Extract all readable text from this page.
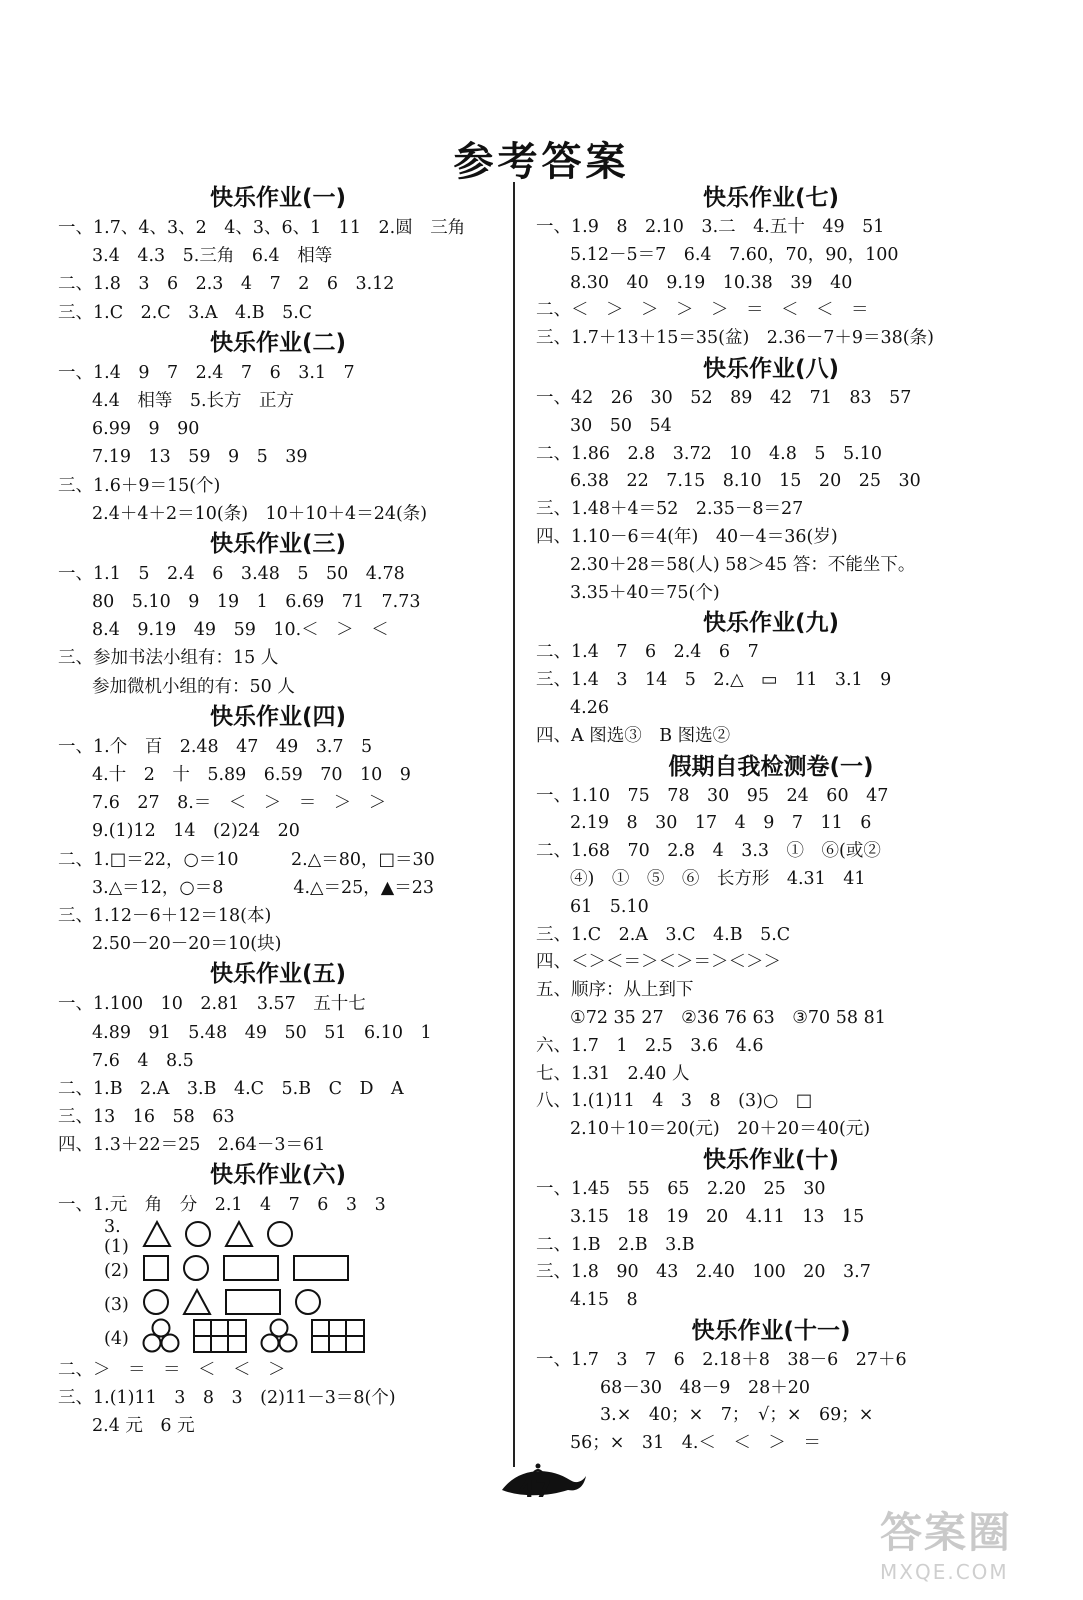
参考答案
快乐作业(一)
一、1.7、4、3、2　4、3、6、1　11　2.圆　三角
3.4　4.3　5.三角　6.4　相等
二、1.8　3　6　2.3　4　7　2　6　3.12
三、1.C　2.C　3.A　4.B　5.C
快乐作业(二)
一、1.4　9　7　2.4　7　6　3.1　7
4.4　相等　5.长方　正方
6.99　9　90
7.19　13　59　9　5　39
三、1.6＋9＝15(个)
2.4＋4＋2＝10(条)　10＋10＋4＝24(条)
快乐作业(三)
一、1.1　5　2.4　6　3.48　5　50　4.78
80　5.10　9　19　1　6.69　71　7.73
8.4　9.19　49　59　10.＜　＞　＜
三、参加书法小组有：15 人
参加微机小组的有：50 人
快乐作业(四)
一、1.个　百　2.48　47　49　3.7　5
4.十　2　十　5.89　6.59　70　10　9
7.6　27　8.＝　＜　＞　＝　＞　＞
9.(1)12　14　(2)24　20
二、1.□＝22，○＝10　　　2.△＝80，□＝30
3.△＝12，○＝8　　　　4.△＝25，▲＝23
三、1.12－6＋12＝18(本)
2.50－20－20＝10(块)
快乐作业(五)
一、1.100　10　2.81　3.57　五十七
4.89　91　5.48　49　50　51　6.10　1
7.6　4　8.5
二、1.B　2.A　3.B　4.C　5.B　C　D　A
三、13　16　58　63
四、1.3＋22＝25　2.64－3＝61
快乐作业(六)
一、1.元　角　分　2.1　4　7　6　3　3
3.(1)
(2)
(3)
(4)
二、＞　＝　＝　＜　＜　＞
三、1.(1)11　3　8　3　(2)11－3＝8(个)
2.4 元　6 元
快乐作业(七)
一、1.9　8　2.10　3.二　4.五十　49　51
5.12－5＝7　6.4　7.60，70，90，100
8.30　40　9.19　10.38　39　40
二、＜　＞　＞　＞　＞　＝　＜　＜　＝
三、1.7＋13＋15＝35(盆)　2.36－7＋9＝38(条)
快乐作业(八)
一、42　26　30　52　89　42　71　83　57
30　50　54
二、1.86　2.8　3.72　10　4.8　5　5.10
6.38　22　7.15　8.10　15　20　25　30
三、1.48＋4＝52　2.35－8＝27
四、1.10－6＝4(年)　40－4＝36(岁)
2.30＋28＝58(人) 58＞45 答：不能坐下。
3.35＋40＝75(个)
快乐作业(九)
二、1.4　7　6　2.4　6　7
三、1.4　3　14　5　2.△　▭　11　3.1　9
4.26
四、A 图选③　B 图选②
假期自我检测卷(一)
一、1.10　75　78　30　95　24　60　47
2.19　8　30　17　4　9　7　11　6
二、1.68　70　2.8　4　3.3　①　⑥(或②
④)　①　⑤　⑥　长方形　4.31　41
61　5.10
三、1.C　2.A　3.C　4.B　5.C
四、＜＞＜＝＞＜＞＝＞＜＞＞
五、顺序：从上到下
①72 35 27　②36 76 63　③70 58 81
六、1.7　1　2.5　3.6　4.6
七、1.31　2.40 人
八、1.(1)11　4　3　8　(3)○　□
2.10＋10＝20(元)　20＋20＝40(元)
快乐作业(十)
一、1.45　55　65　2.20　25　30
3.15　18　19　20　4.11　13　15
二、1.B　2.B　3.B
三、1.8　90　43　2.40　100　20　3.7
4.15　8
快乐作业(十一)
一、1.7　3　7　6　2.18＋8　38－6　27＋6
68－30　48－9　28＋20
3.×　40；×　7；　√；×　69；×
56；×　31　4.＜　＜　＞　＝
47
答案圈
MXQE.COM
